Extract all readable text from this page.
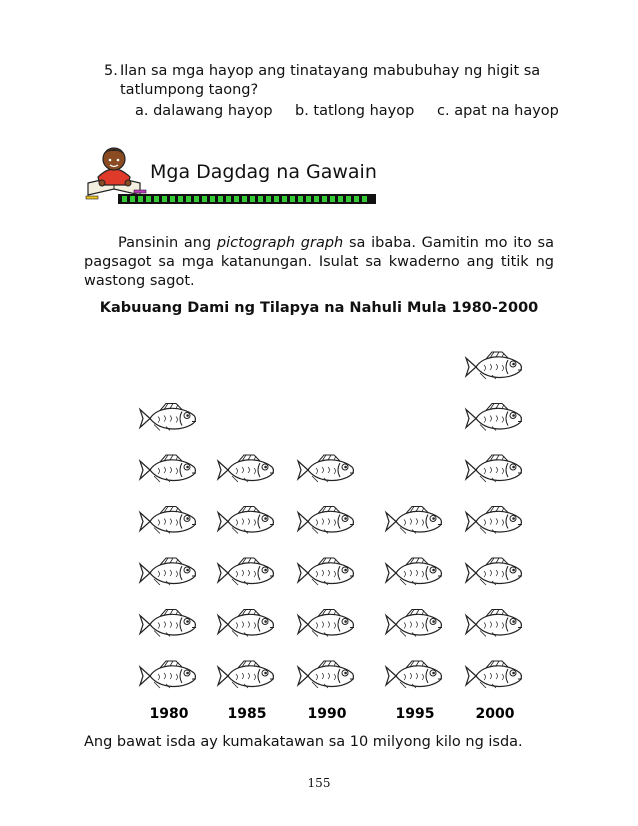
5. Ilan sa mga hayop ang tinatayang mabubuhay ng higit sa tatlumpong taong?
a. dalawang hayop b. tatlong hayop c. apat na hayop
Mga Dagdag na Gawain
Pansinin ang pictograph graph sa ibaba. Gamitin mo ito sa pagsagot sa mga katanungan. Isulat sa kwaderno ang titik ng wastong sagot.
Kabuuang Dami ng Tilapya na Nahuli Mula 1980-2000
1980	1985	1990	1995	2000
Ang bawat isda ay kumakatawan sa 10 milyong kilo ng isda.
155
